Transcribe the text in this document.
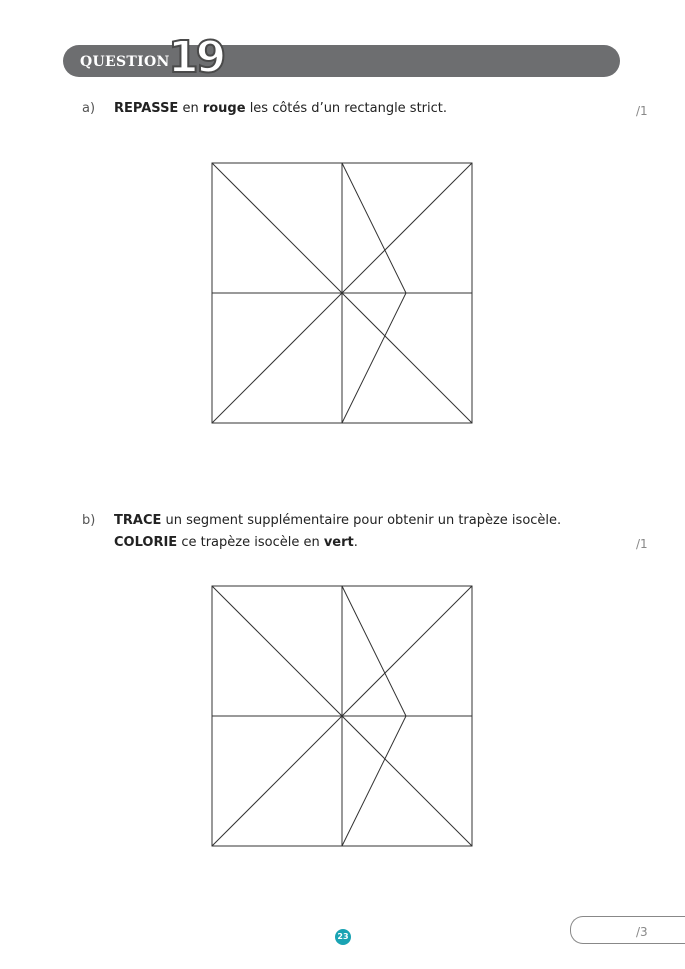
QUESTION
19
a) REPASSE en rouge les côtés d’un rectangle strict.	/1
b) TRACE un segment supplémentaire pour obtenir un trapèze isocèle.
COLORIE ce trapèze isocèle en vert.	/1
23	/3
